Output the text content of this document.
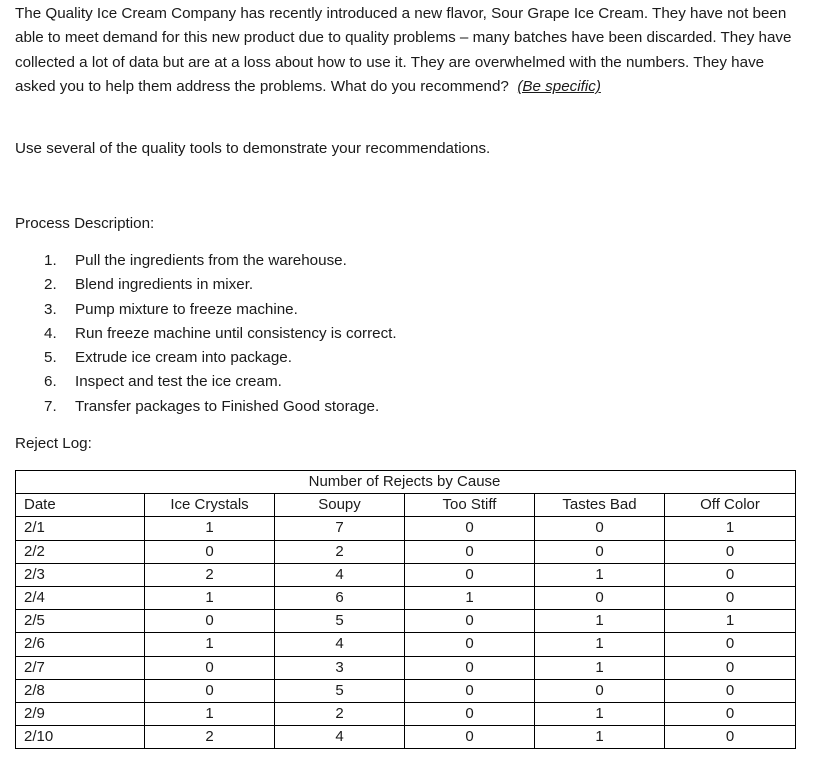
The Quality Ice Cream Company has recently introduced a new flavor, Sour Grape Ice Cream. They have not been able to meet demand for this new product due to quality problems – many batches have been discarded. They have collected a lot of data but are at a loss about how to use it. They are overwhelmed with the numbers. They have asked you to help them address the problems. What do you recommend? (Be specific)

Use several of the quality tools to demonstrate your recommendations.

Process Description:

1. Pull the ingredients from the warehouse.
2. Blend ingredients in mixer.
3. Pump mixture to freeze machine.
4. Run freeze machine until consistency is correct.
5. Extrude ice cream into package.
6. Inspect and test the ice cream.
7. Transfer packages to Finished Good storage.

Reject Log:

	Number of Rejects by Cause				
Date	Ice Crystals	Soupy	Too Stiff	Tastes Bad	Off Color
2/1	1	7	0	0	1
2/2	0	2	0	0	0
2/3	2	4	0	1	0
2/4	1	6	1	0	0
2/5	0	5	0	1	1
2/6	1	4	0	1	0
2/7	0	3	0	1	0
2/8	0	5	0	0	0
2/9	1	2	0	1	0
2/10	2	4	0	1	0
